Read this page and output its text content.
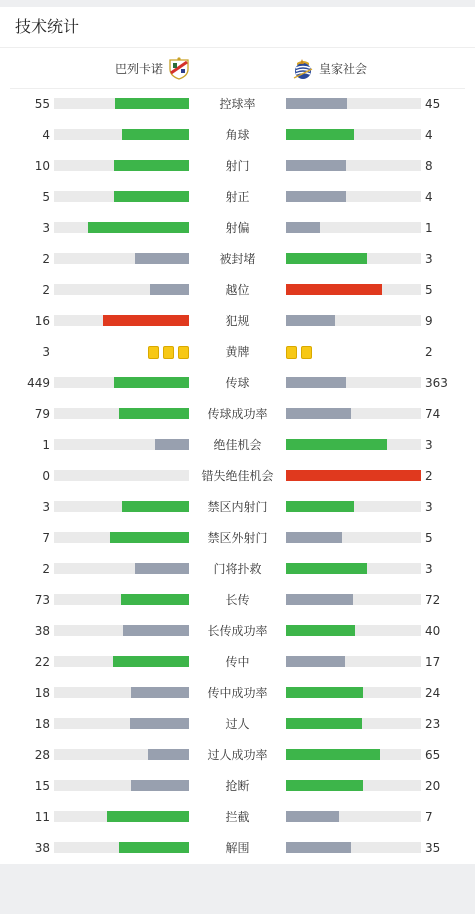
技术统计
巴列卡诺	皇家社会
55	控球率	45
4	角球	4
10	射门	8
5	射正	4
3	射偏	1
2	被封堵	3
2	越位	5
16	犯规	9
3	黄牌	2
449	传球	363
79	传球成功率	74
1	绝佳机会	3
0	错失绝佳机会	2
3	禁区内射门	3
7	禁区外射门	5
2	门将扑救	3
73	长传	72
38	长传成功率	40
22	传中	17
18	传中成功率	24
18	过人	23
28	过人成功率	65
15	抢断	20
11	拦截	7
38	解围	35
